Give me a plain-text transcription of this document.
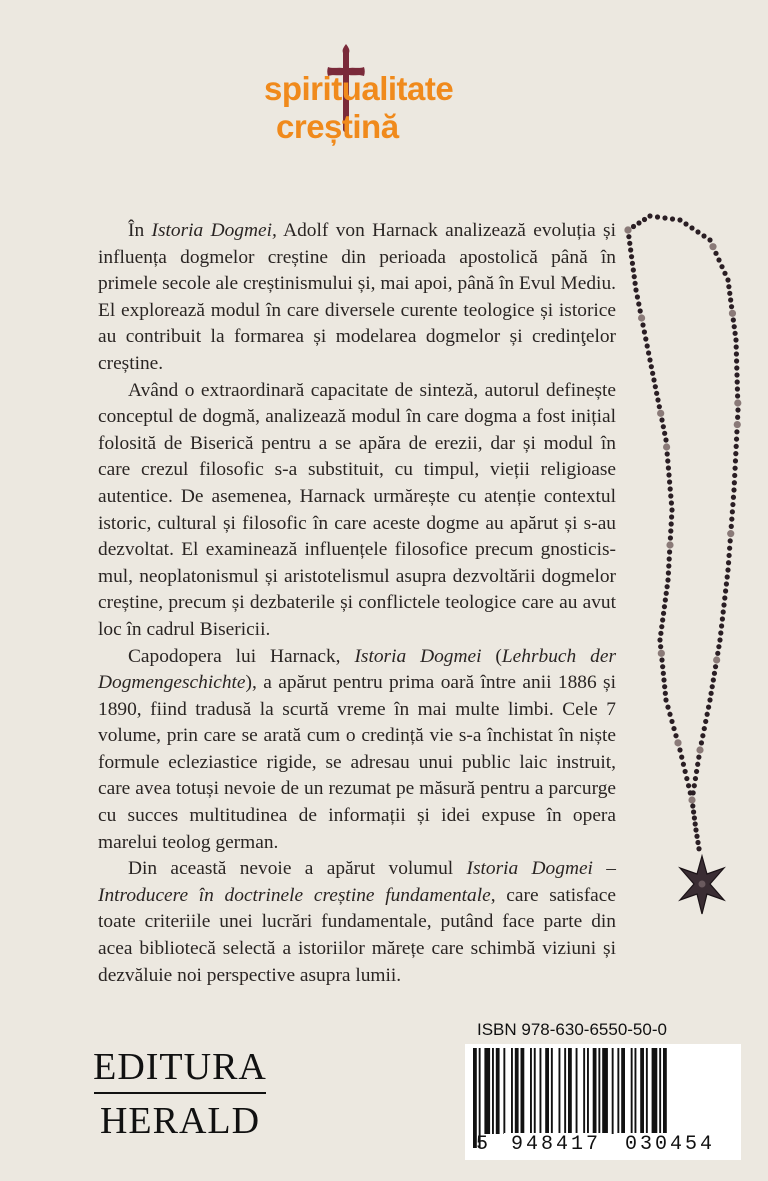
spiritualitate
creștină

În Istoria Dogmei, Adolf von Harnack analizează evoluția și influența dogmelor creștine din perioada apostolică până în primele secole ale creștinismului și, mai apoi, până în Evul Mediu. El explorează modul în care diversele curente teologice și istorice au contribuit la formarea și modelarea dogmelor și credinţelor creștine.

Având o extraordinară capacitate de sinteză, autorul definește conceptul de dogmă, analizează modul în care dogma a fost inițial folosită de Biserică pentru a se apăra de erezii, dar și modul în care crezul filosofic s-a substituit, cu timpul, vieții religioase autentice. De asemenea, Harnack urmărește cu atenție contextul istoric, cultural și filosofic în care aceste dogme au apărut și s-au dezvoltat. El examinează influențele filosofice precum gnosticismul, neoplatonismul și aristotelismul asupra dezvoltării dogmelor creștine, precum și dezbaterile și conflictele teologice care au avut loc în cadrul Bisericii.

Capodopera lui Harnack, Istoria Dogmei (Lehrbuch der Dogmengeschichte), a apărut pentru prima oară între anii 1886 și 1890, fiind tradusă la scurtă vreme în mai multe limbi. Cele 7 volume, prin care se arată cum o credință vie s-a închistat în niște formule ecleziastice rigide, se adresau unui public laic instruit, care avea totuși nevoie de un rezumat pe măsură pentru a parcurge cu succes multitudinea de informații și idei expuse în opera marelui teolog german.

Din această nevoie a apărut volumul Istoria Dogmei – Introducere în doctrinele creștine fundamentale, care satisface toate criteriile unei lucrări fundamentale, putând face parte din acea bibliotecă selectă a istoriilor mărețe care schimbă viziuni și dezvăluie noi perspective asupra lumii.

EDITURA
HERALD
ISBN 978-630-6550-50-0
5	948417	030454
